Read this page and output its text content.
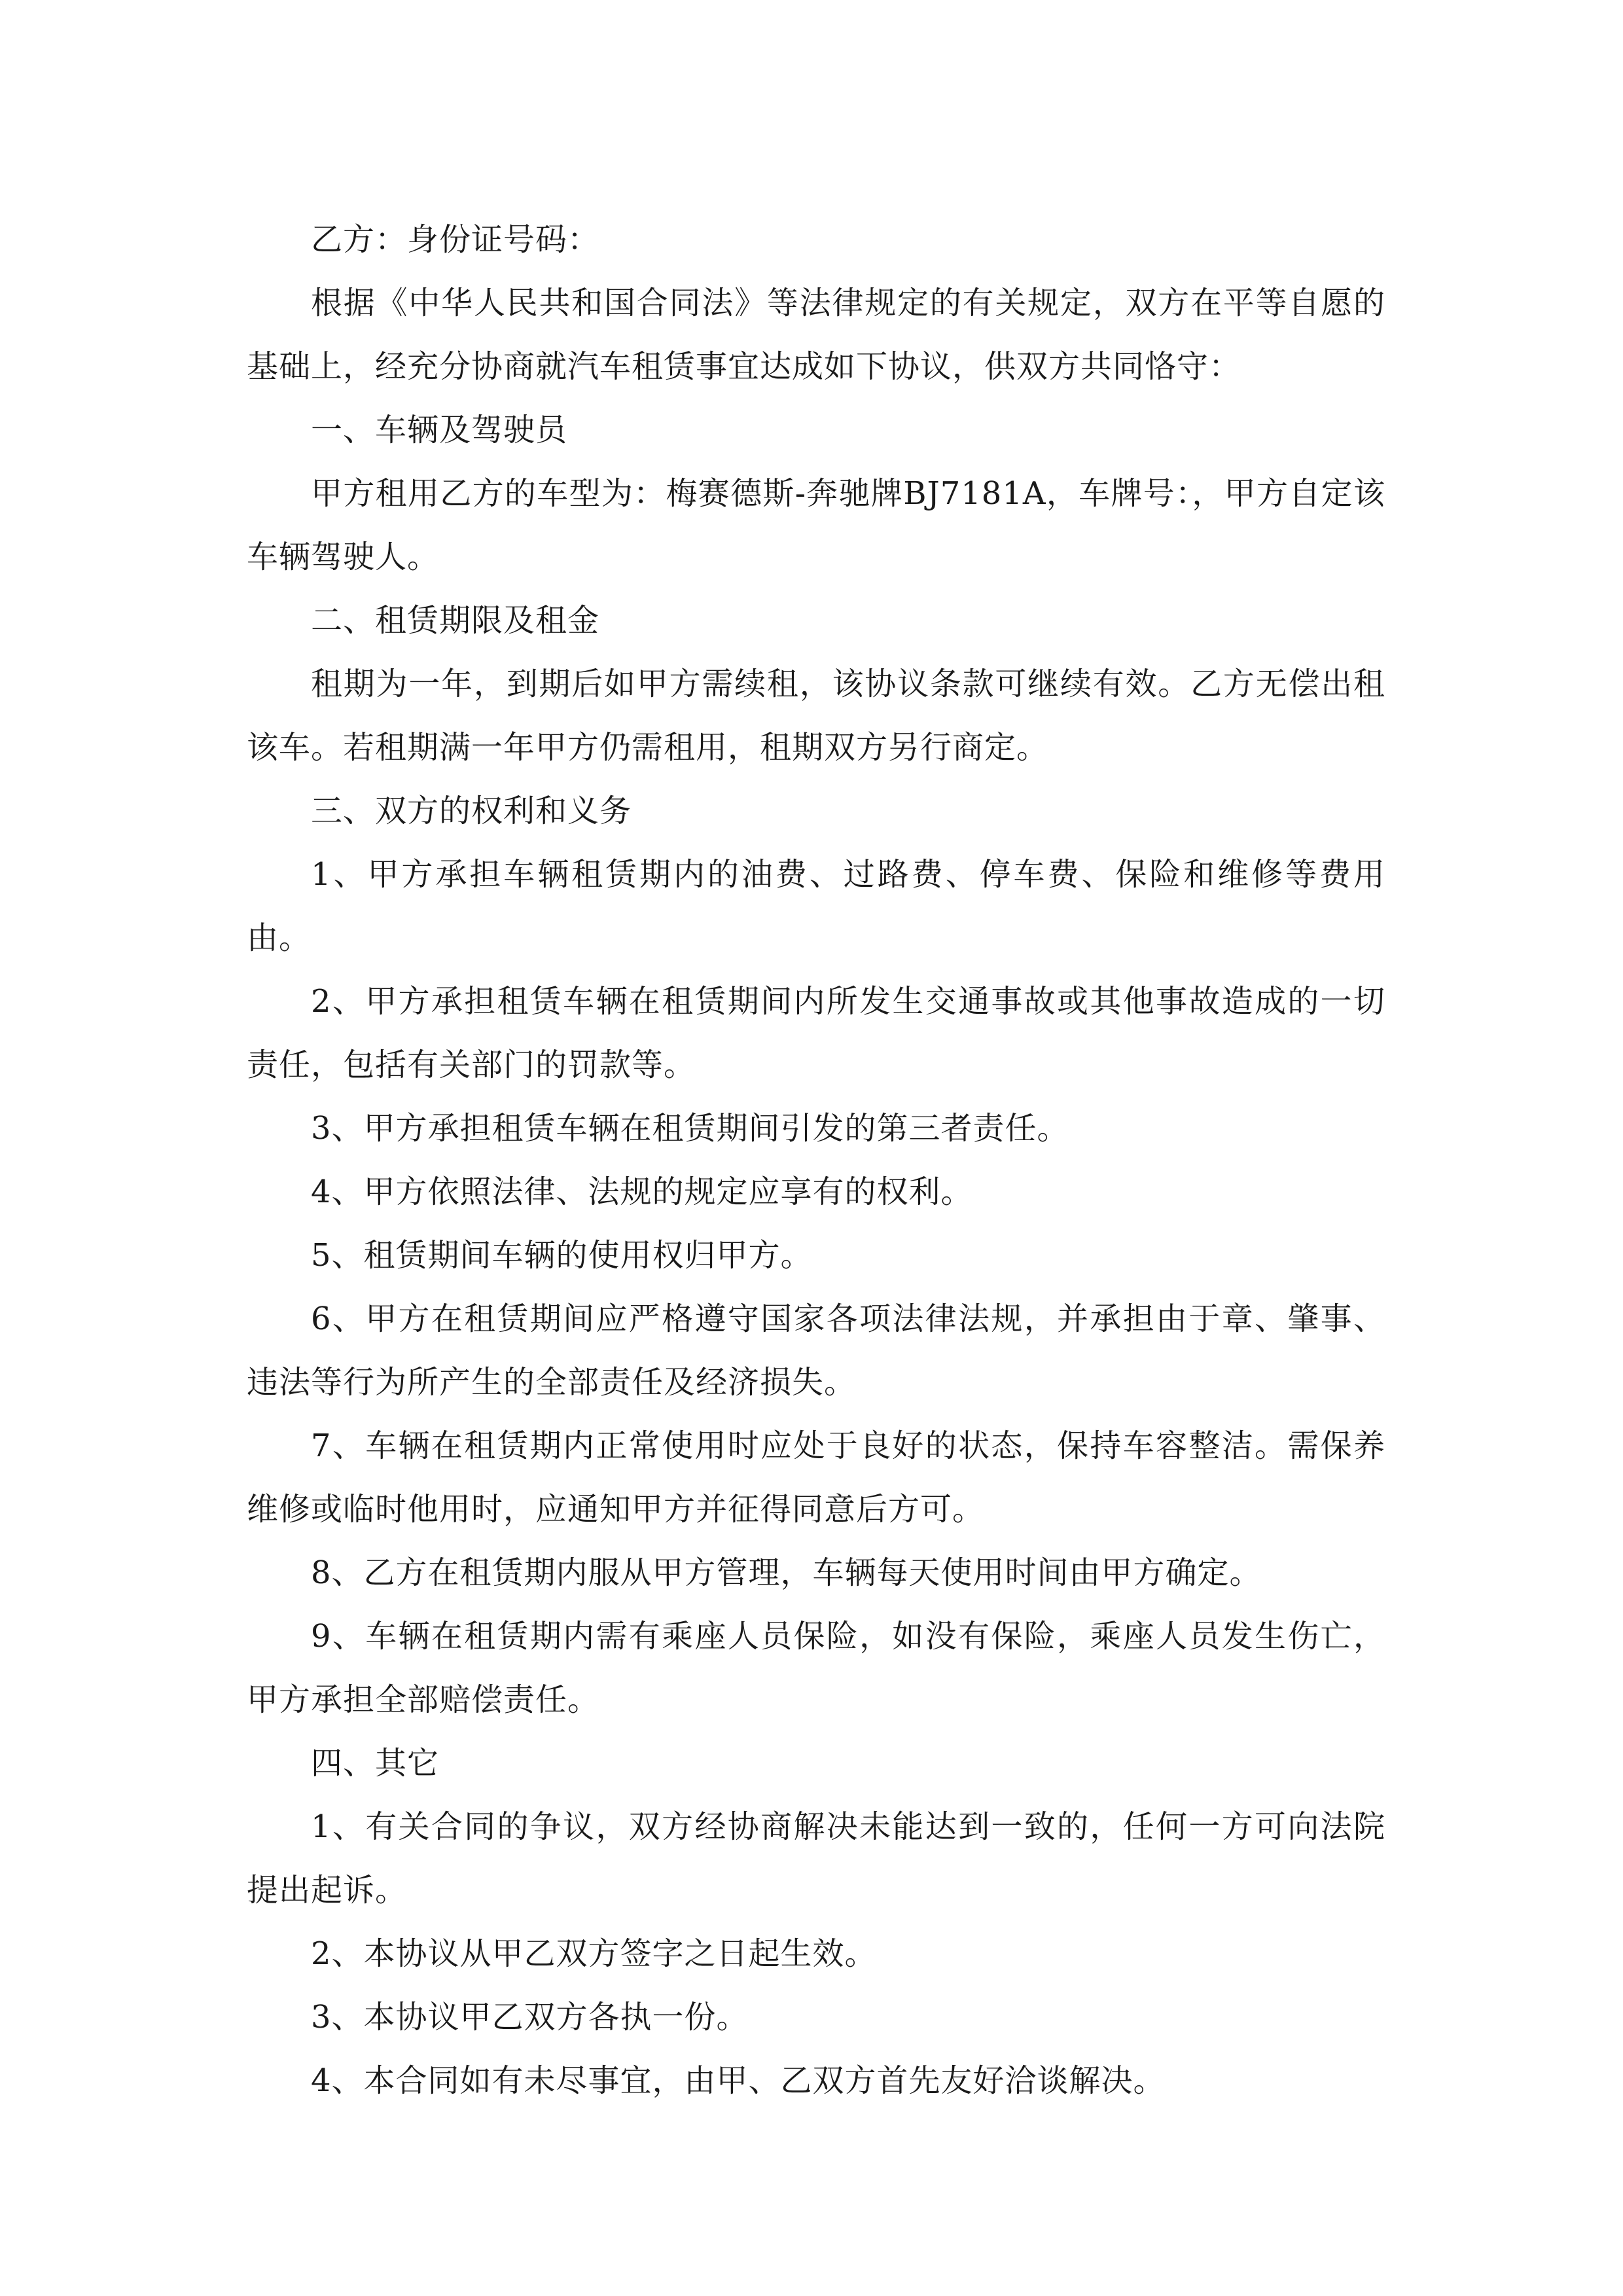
乙方：身份证号码：

根据《中华人民共和国合同法》等法律规定的有关规定，双方在平等自愿的基础上，经充分协商就汽车租赁事宜达成如下协议，供双方共同恪守：

一、车辆及驾驶员

甲方租用乙方的车型为：梅赛德斯-奔驰牌BJ7181A，车牌号：，甲方自定该车辆驾驶人。

二、租赁期限及租金

租期为一年，到期后如甲方需续租，该协议条款可继续有效。乙方无偿出租该车。若租期满一年甲方仍需租用，租期双方另行商定。

三、双方的权利和义务

1、甲方承担车辆租赁期内的油费、过路费、停车费、保险和维修等费用由。

2、甲方承担租赁车辆在租赁期间内所发生交通事故或其他事故造成的一切责任，包括有关部门的罚款等。

3、甲方承担租赁车辆在租赁期间引发的第三者责任。

4、甲方依照法律、法规的规定应享有的权利。

5、租赁期间车辆的使用权归甲方。

6、甲方在租赁期间应严格遵守国家各项法律法规，并承担由于章、肇事、违法等行为所产生的全部责任及经济损失。

7、车辆在租赁期内正常使用时应处于良好的状态，保持车容整洁。需保养维修或临时他用时，应通知甲方并征得同意后方可。

8、乙方在租赁期内服从甲方管理，车辆每天使用时间由甲方确定。

9、车辆在租赁期内需有乘座人员保险，如没有保险，乘座人员发生伤亡，甲方承担全部赔偿责任。

四、其它

1、有关合同的争议，双方经协商解决未能达到一致的，任何一方可向法院提出起诉。

2、本协议从甲乙双方签字之日起生效。

3、本协议甲乙双方各执一份。

4、本合同如有未尽事宜，由甲、乙双方首先友好洽谈解决。
